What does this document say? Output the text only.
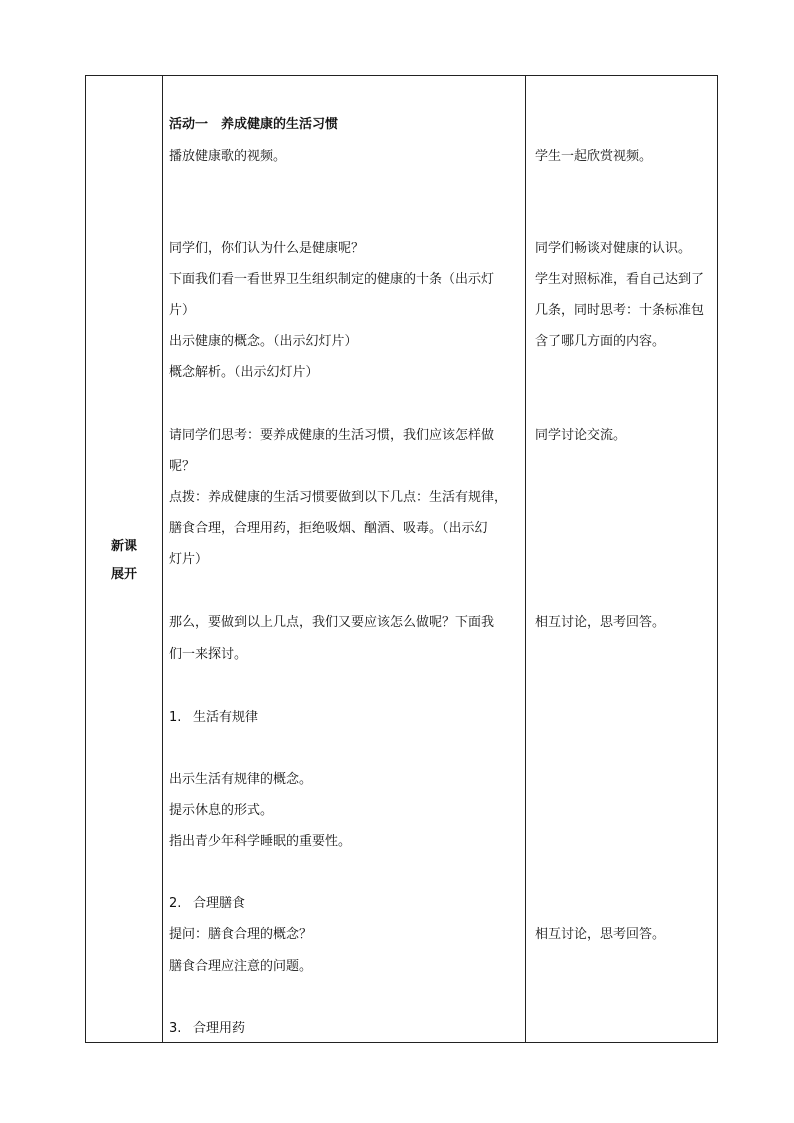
新课
展开
活动一　养成健康的生活习惯
播放健康歌的视频。
同学们，你们认为什么是健康呢？
下面我们看一看世界卫生组织制定的健康的十条（出示灯
片）
出示健康的概念。（出示幻灯片）
概念解析。（出示幻灯片）
请同学们思考：要养成健康的生活习惯，我们应该怎样做
呢？
点拨：养成健康的生活习惯要做到以下几点：生活有规律，
膳食合理，合理用药，拒绝吸烟、酗酒、吸毒。（出示幻
灯片）
那么，要做到以上几点，我们又要应该怎么做呢？下面我
们一来探讨。
1. 生活有规律
出示生活有规律的概念。
提示休息的形式。
指出青少年科学睡眠的重要性。
2. 合理膳食
提问：膳食合理的概念？
膳食合理应注意的问题。
3. 合理用药
学生一起欣赏视频。
同学们畅谈对健康的认识。
学生对照标准，看自己达到了
几条，同时思考：十条标准包
含了哪几方面的内容。
同学讨论交流。
相互讨论，思考回答。
相互讨论，思考回答。
